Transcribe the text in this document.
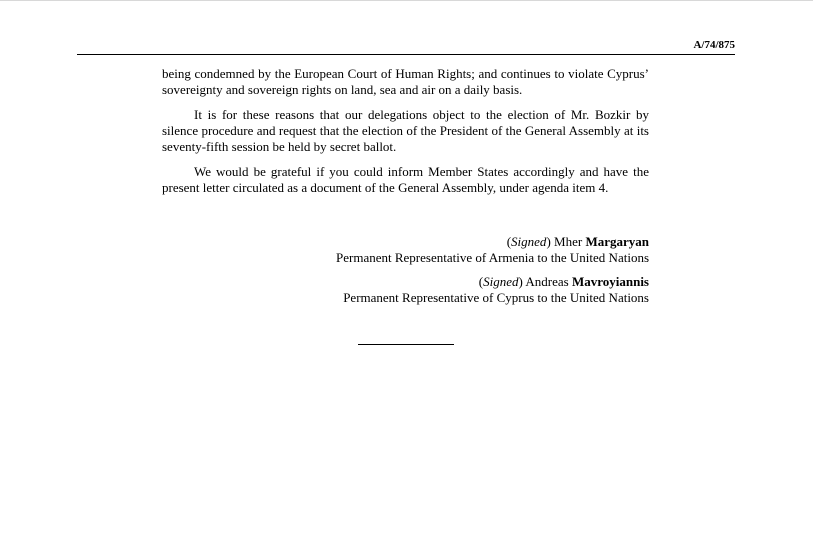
A/74/875

being condemned by the European Court of Human Rights; and continues to violate Cyprus’ sovereignty and sovereign rights on land, sea and air on a daily basis.

It is for these reasons that our delegations object to the election of Mr. Bozkir by silence procedure and request that the election of the President of the General Assembly at its seventy-fifth session be held by secret ballot.

We would be grateful if you could inform Member States accordingly and have the present letter circulated as a document of the General Assembly, under agenda item 4.

(Signed) Mher Margaryan
Permanent Representative of Armenia to the United Nations
(Signed) Andreas Mavroyiannis
Permanent Representative of Cyprus to the United Nations
